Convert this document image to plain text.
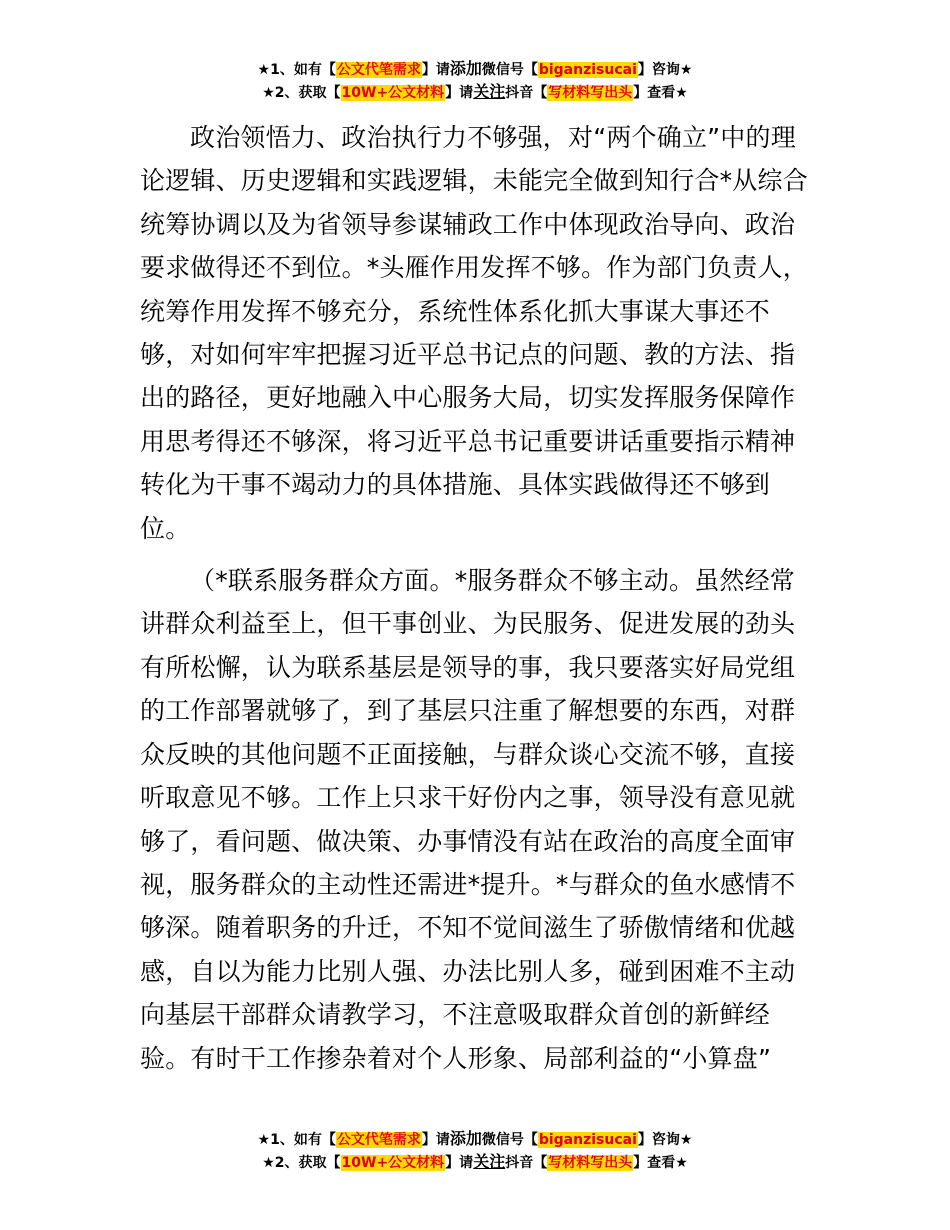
★1、如有【公文代笔需求】请添加微信号【biganzisucai】咨询★
★2、获取【10W+公文材料】请关注抖音【写材料写出头】查看★

政治领悟力、政治执行力不够强，对“两个确立”中的理论逻辑、历史逻辑和实践逻辑，未能完全做到知行合*从综合统筹协调以及为省领导参谋辅政工作中体现政治导向、政治要求做得还不到位。*头雁作用发挥不够。作为部门负责人，统筹作用发挥不够充分，系统性体系化抓大事谋大事还不够，对如何牢牢把握习近平总书记点的问题、教的方法、指出的路径，更好地融入中心服务大局，切实发挥服务保障作用思考得还不够深，将习近平总书记重要讲话重要指示精神转化为干事不竭动力的具体措施、具体实践做得还不够到位。

（*联系服务群众方面。*服务群众不够主动。虽然经常讲群众利益至上，但干事创业、为民服务、促进发展的劲头有所松懈，认为联系基层是领导的事，我只要落实好局党组的工作部署就够了，到了基层只注重了解想要的东西，对群众反映的其他问题不正面接触，与群众谈心交流不够，直接听取意见不够。工作上只求干好份内之事，领导没有意见就够了，看问题、做决策、办事情没有站在政治的高度全面审视，服务群众的主动性还需进*提升。*与群众的鱼水感情不够深。随着职务的升迁，不知不觉间滋生了骄傲情绪和优越感，自以为能力比别人强、办法比别人多，碰到困难不主动向基层干部群众请教学习，不注意吸取群众首创的新鲜经验。有时干工作掺杂着对个人形象、局部利益的“小算盘”

★1、如有【公文代笔需求】请添加微信号【biganzisucai】咨询★
★2、获取【10W+公文材料】请关注抖音【写材料写出头】查看★
